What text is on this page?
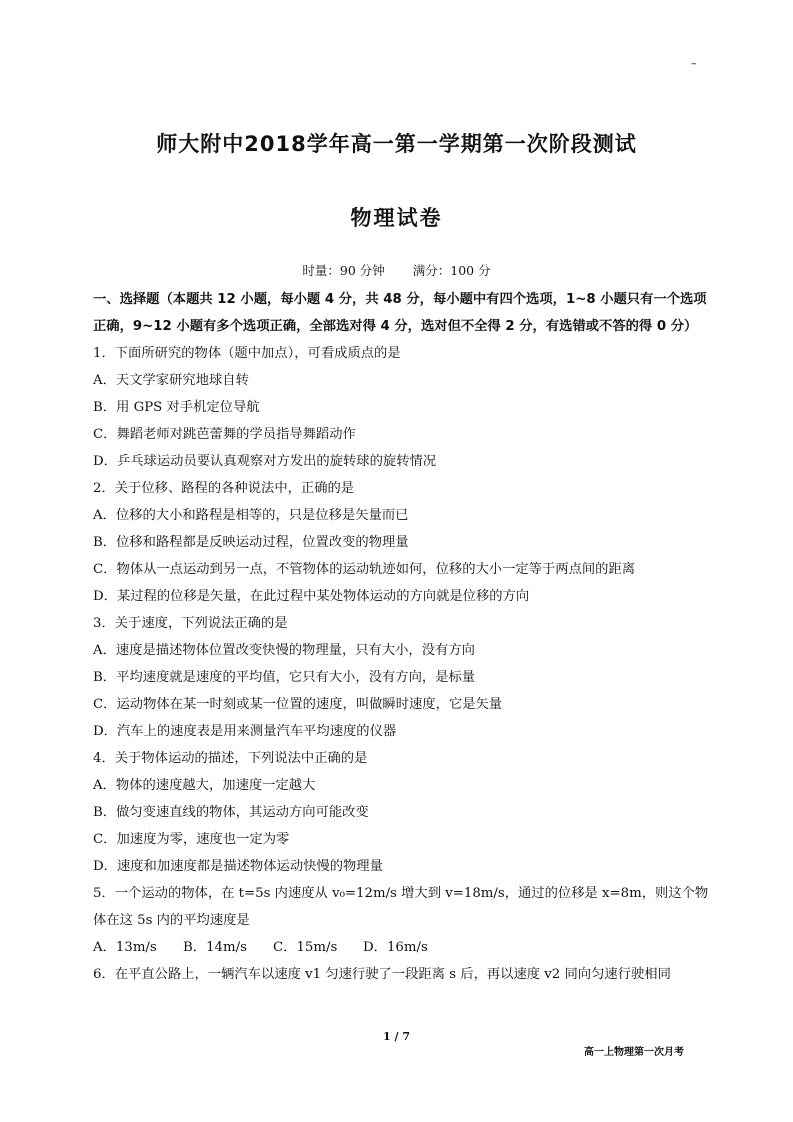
–
师大附中2018学年高一第一学期第一次阶段测试
物理试卷
时量：90 分钟 满分：100 分
一、选择题（本题共 12 小题，每小题 4 分，共 48 分，每小题中有四个选项，1~8 小题只有一个选项正确，9~12 小题有多个选项正确，全部选对得 4 分，选对但不全得 2 分，有选错或不答的得 0 分）
1．下面所研究的物体（题中加点），可看成质点的是
A．天文学家研究地球自转
B．用 GPS 对手机定位导航
C．舞蹈老师对跳芭蕾舞的学员指导舞蹈动作
D．乒乓球运动员要认真观察对方发出的旋转球的旋转情况
2．关于位移、路程的各种说法中，正确的是
A．位移的大小和路程是相等的，只是位移是矢量而已
B．位移和路程都是反映运动过程，位置改变的物理量
C．物体从一点运动到另一点，不管物体的运动轨迹如何，位移的大小一定等于两点间的距离
D．某过程的位移是矢量，在此过程中某处物体运动的方向就是位移的方向
3．关于速度，下列说法正确的是
A．速度是描述物体位置改变快慢的物理量，只有大小，没有方向
B．平均速度就是速度的平均值，它只有大小，没有方向，是标量
C．运动物体在某一时刻或某一位置的速度，叫做瞬时速度，它是矢量
D．汽车上的速度表是用来测量汽车平均速度的仪器
4．关于物体运动的描述，下列说法中正确的是
A．物体的速度越大，加速度一定越大
B．做匀变速直线的物体，其运动方向可能改变
C．加速度为零，速度也一定为零
D．速度和加速度都是描述物体运动快慢的物理量
5．一个运动的物体，在 t=5s 内速度从 v₀=12m/s 增大到 v=18m/s，通过的位移是 x=8m，则这个物
体在这 5s 内的平均速度是
A．13m/s B．14m/s C．15m/s D．16m/s
6．在平直公路上，一辆汽车以速度 v1 匀速行驶了一段距离 s 后，再以速度 v2 同向匀速行驶相同
1 / 7
高一上物理第一次月考
